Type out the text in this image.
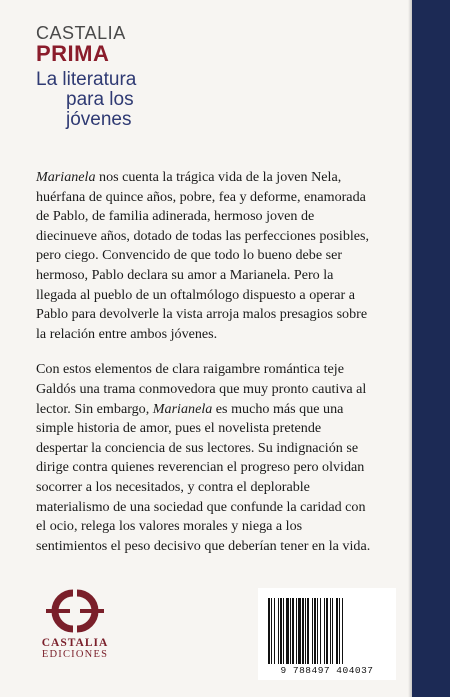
CASTALIA
PRIMA
La literatura
para los
jóvenes

Marianela nos cuenta la trágica vida de la joven Nela, huérfana de quince años, pobre, fea y deforme, enamorada de Pablo, de familia adinerada, hermoso joven de diecinueve años, dotado de todas las perfecciones posibles, pero ciego. Convencido de que todo lo bueno debe ser hermoso, Pablo declara su amor a Marianela. Pero la llegada al pueblo de un oftalmólogo dispuesto a operar a Pablo para devolverle la vista arroja malos presagios sobre la relación entre ambos jóvenes.

Con estos elementos de clara raigambre romántica teje Galdós una trama conmovedora que muy pronto cautiva al lector. Sin embargo, Marianela es mucho más que una simple historia de amor, pues el novelista pretende despertar la conciencia de sus lectores. Su indignación se dirige contra quienes reverencian el progreso pero olvidan socorrer a los necesitados, y contra el deplorable materialismo de una sociedad que confunde la caridad con el ocio, relega los valores morales y niega a los sentimientos el peso decisivo que deberían tener en la vida.

CASTALIA
EDICIONES
9 788497 404037
